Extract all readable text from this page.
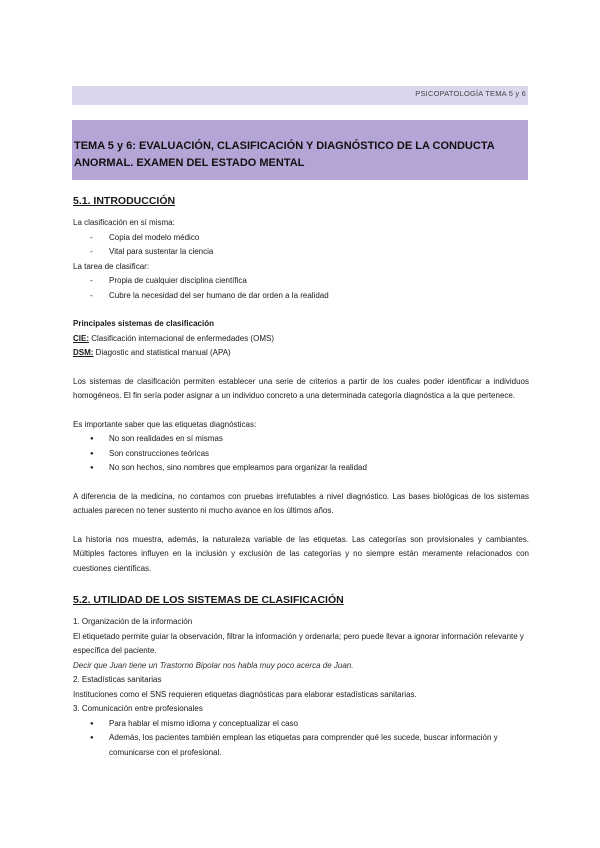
PSICOPATOLOGÍA TEMA 5 y 6
TEMA 5 y 6: EVALUACIÓN, CLASIFICACIÓN Y DIAGNÓSTICO DE LA CONDUCTA ANORMAL. EXAMEN DEL ESTADO MENTAL
5.1. INTRODUCCIÓN

La clasificación en sí misma:

- Copia del modelo médico
- Vital para sustentar la ciencia

La tarea de clasificar:

- Propia de cualquier disciplina científica
- Cubre la necesidad del ser humano de dar orden a la realidad

Principales sistemas de clasificación

CIE: Clasificación internacional de enfermedades (OMS)

DSM: Diagostic and statistical manual (APA)

Los sistemas de clasificación permiten establecer una serie de criterios a partir de los cuales poder identificar a individuos homogéneos. El fin sería poder asignar a un individuo concreto a una determinada categoría diagnóstica a la que pertenece.

Es importante saber que las etiquetas diagnósticas:

● No son realidades en sí mismas
● Son construcciones teóricas
● No son hechos, sino nombres que empleamos para organizar la realidad

A diferencia de la medicina, no contamos con pruebas irrefutables a nivel diagnóstico. Las bases biológicas de los sistemas actuales parecen no tener sustento ni mucho avance en los últimos años.

La historia nos muestra, además, la naturaleza variable de las etiquetas. Las categorías son provisionales y cambiantes. Múltiples factores influyen en la inclusión y exclusión de las categorías y no siempre están meramente relacionados con cuestiones científicas.

5.2. UTILIDAD DE LOS SISTEMAS DE CLASIFICACIÓN

1. Organización de la información

El etiquetado permite guiar la observación, filtrar la información y ordenarla; pero puede llevar a ignorar información relevante y específica del paciente.

Decir que Juan tiene un Trastorno Bipolar nos habla muy poco acerca de Juan.

2. Estadísticas sanitarias

Instituciones como el SNS requieren etiquetas diagnósticas para elaborar estadísticas sanitarias.

3. Comunicación entre profesionales

● Para hablar el mismo idioma y conceptualizar el caso
● Además, los pacientes también emplean las etiquetas para comprender qué les sucede, buscar información y comunicarse con el profesional.
